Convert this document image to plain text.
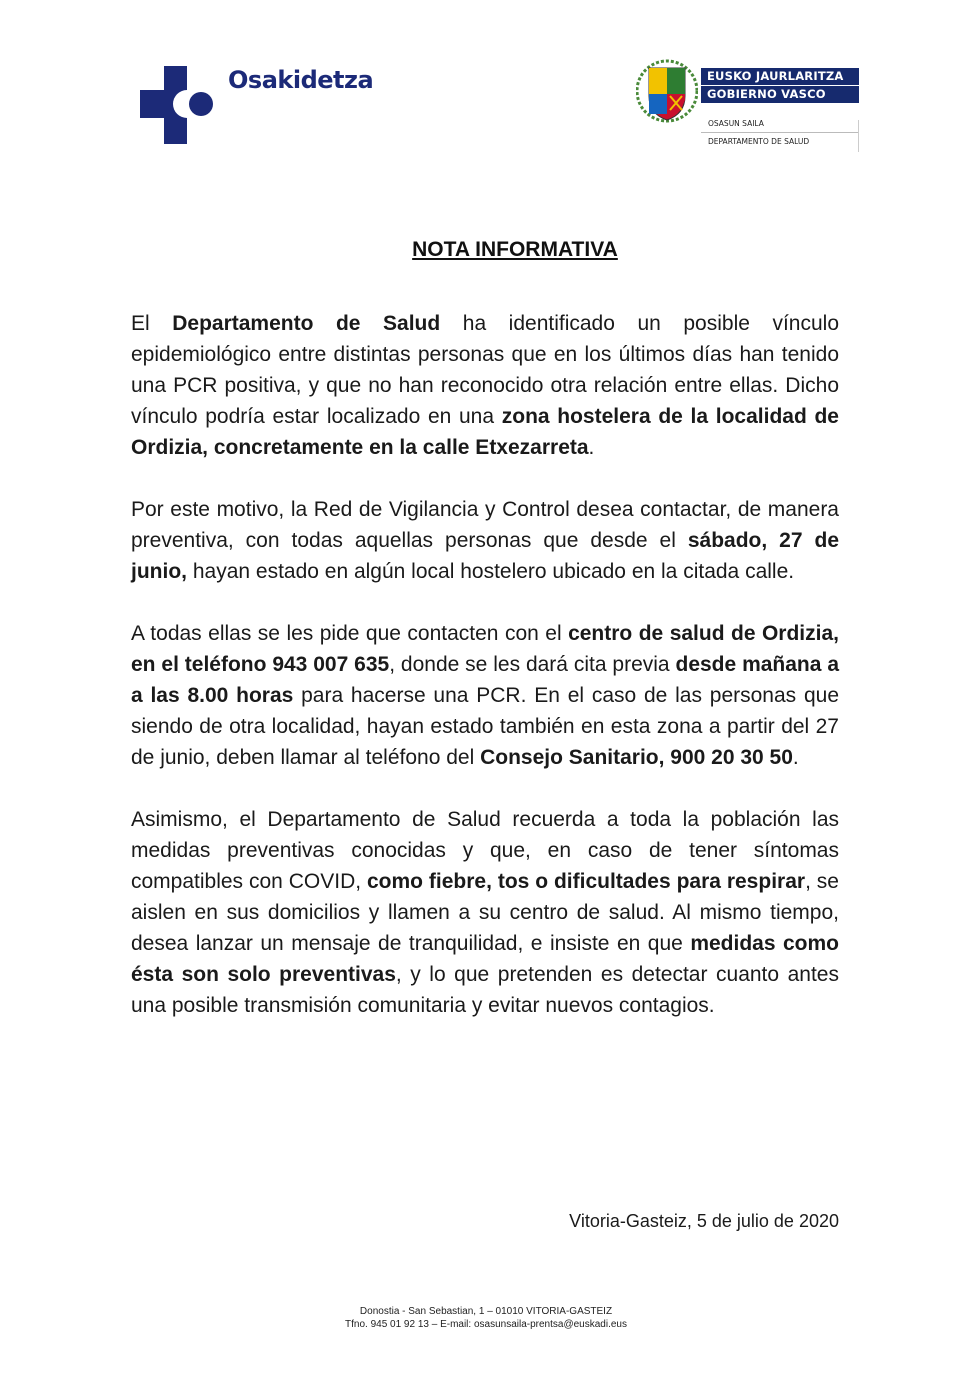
Osakidetza	EUSKO JAURLARITZA
GOBIERNO VASCO
OSASUN SAILA
DEPARTAMENTO DE SALUD
NOTA INFORMATIVA

El Departamento de Salud ha identificado un posible vínculo epidemiológico entre distintas personas que en los últimos días han tenido una PCR positiva, y que no han reconocido otra relación entre ellas. Dicho vínculo podría estar localizado en una zona hostelera de la localidad de Ordizia, concretamente en la calle Etxezarreta.

Por este motivo, la Red de Vigilancia y Control desea contactar, de manera preventiva, con todas aquellas personas que desde el sábado, 27 de junio, hayan estado en algún local hostelero ubicado en la citada calle.

A todas ellas se les pide que contacten con el centro de salud de Ordizia, en el teléfono 943 007 635, donde se les dará cita previa desde mañana a a las 8.00 horas para hacerse una PCR. En el caso de las personas que siendo de otra localidad, hayan estado también en esta zona a partir del 27 de junio, deben llamar al teléfono del Consejo Sanitario, 900 20 30 50.

Asimismo, el Departamento de Salud recuerda a toda la población las medidas preventivas conocidas y que, en caso de tener síntomas compatibles con COVID, como fiebre, tos o dificultades para respirar, se aislen en sus domicilios y llamen a su centro de salud. Al mismo tiempo, desea lanzar un mensaje de tranquilidad, e insiste en que medidas como ésta son solo preventivas, y lo que pretenden es detectar cuanto antes una posible transmisión comunitaria y evitar nuevos contagios.

Vitoria-Gasteiz, 5 de julio de 2020
Donostia - San Sebastian, 1 – 01010 VITORIA-GASTEIZ
Tfno. 945 01 92 13 – E-mail: osasunsaila-prentsa@euskadi.eus
